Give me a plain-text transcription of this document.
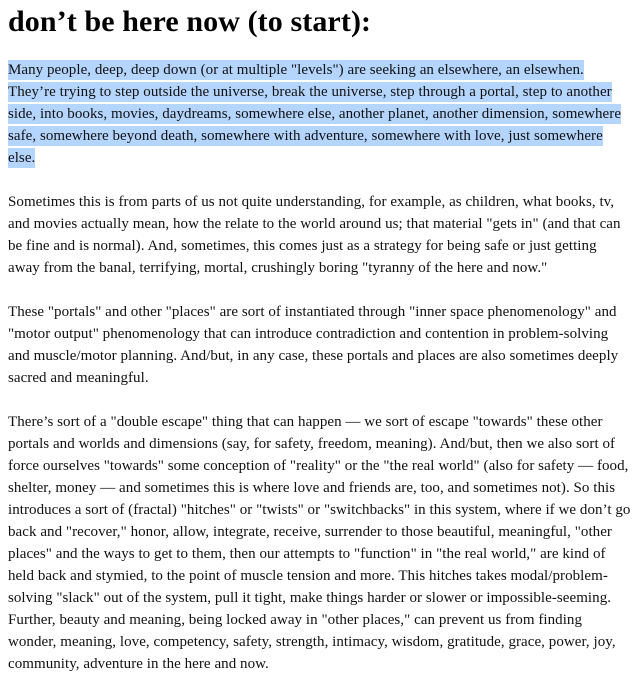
don’t be here now (to start):

Many people, deep, deep down (or at multiple "levels") are seeking an elsewhere, an elsewhen. They’re trying to step outside the universe, break the universe, step through a portal, step to another side, into books, movies, daydreams, somewhere else, another planet, another dimension, somewhere safe, somewhere beyond death, somewhere with adventure, somewhere with love, just somewhere else.

Sometimes this is from parts of us not quite understanding, for example, as children, what books, tv, and movies actually mean, how the relate to the world around us; that material "gets in" (and that can be fine and is normal). And, sometimes, this comes just as a strategy for being safe or just getting away from the banal, terrifying, mortal, crushingly boring "tyranny of the here and now."

These "portals" and other "places" are sort of instantiated through "inner space phenomenology" and "motor output" phenomenology that can introduce contradiction and contention in problem-solving and muscle/motor planning. And/but, in any case, these portals and places are also sometimes deeply sacred and meaningful.

There’s sort of a "double escape" thing that can happen — we sort of escape "towards" these other portals and worlds and dimensions (say, for safety, freedom, meaning). And/but, then we also sort of force ourselves "towards" some conception of "reality" or the "the real world" (also for safety — food, shelter, money — and sometimes this is where love and friends are, too, and sometimes not). So this introduces a sort of (fractal) "hitches" or "twists" or "switchbacks" in this system, where if we don’t go back and "recover," honor, allow, integrate, receive, surrender to those beautiful, meaningful, "other places" and the ways to get to them, then our attempts to "function" in "the real world," are kind of held back and stymied, to the point of muscle tension and more. This hitches takes modal/problem-solving "slack" out of the system, pull it tight, make things harder or slower or impossible-seeming. Further, beauty and meaning, being locked away in "other places," can prevent us from finding wonder, meaning, love, competency, safety, strength, intimacy, wisdom, gratitude, grace, power, joy, community, adventure in the here and now.
